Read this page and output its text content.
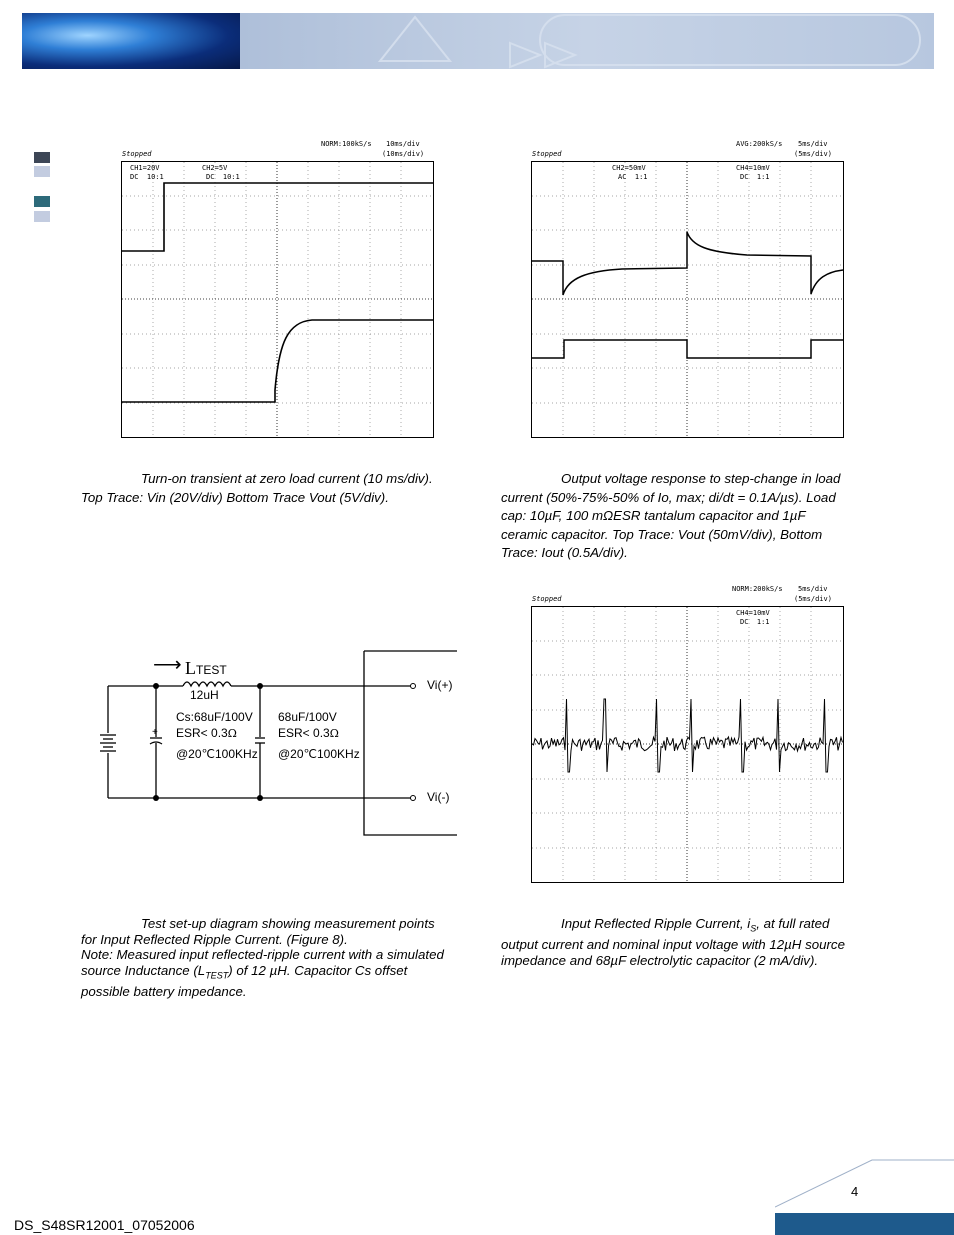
Stopped
NORM:100kS/s 10ms/div
(10ms/div)
CH1=20V
DC  10:1
CH2=5V
DC  10:1
Stopped
AVG:200kS/s 5ms/div
(5ms/div)
CH2=50mV
AC  1:1
CH4=10mV
DC  1:1
Stopped
NORM:200kS/s 5ms/div
(5ms/div)
CH4=10mV
DC  1:1
Turn-on transient at zero load current (10 ms/div).
Top Trace: Vin (20V/div) Bottom Trace Vout (5V/div).
Output voltage response to step-change in load
current (50%-75%-50% of Io, max; di/dt = 0.1A/µs). Load
cap: 10µF, 100 mΩESR tantalum capacitor and 1µF
ceramic capacitor. Top Trace: Vout (50mV/div), Bottom
Trace: Iout (0.5A/div).
Test set-up diagram showing measurement points
for Input Reflected Ripple Current. (Figure 8).
Note: Measured input reflected-ripple current with a simulated
source Inductance $(L_{TEST})$ of 12 µH. Capacitor Cs offset
possible battery impedance.
Input Reflected Ripple Current, $i_S$, at full rated
output current and nominal input voltage with 12µH source
impedance and 68µF electrolytic capacitor (2 mA/div).
⟶ LTEST
12uH
+
Cs:68uF/100V
ESR< 0.3Ω
@20℃100KHz
68uF/100V
ESR< 0.3Ω
@20℃100KHz
Vi(+)
Vi(-)
4
DS_S48SR12001_07052006
